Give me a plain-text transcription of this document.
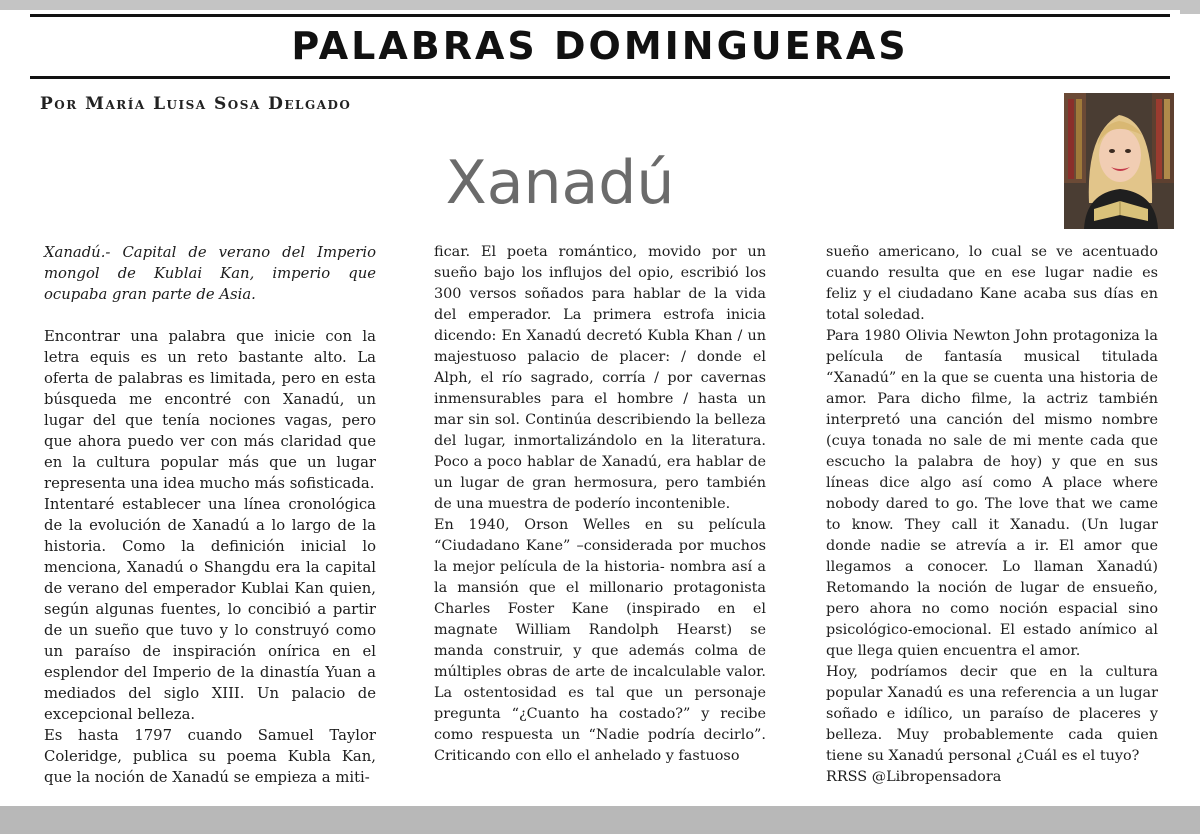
PALABRAS DOMINGUERAS
Por María Luisa Sosa Delgado
Xanadú

Xanadú.- Capital de verano del Imperio mongol de Kublai Kan, imperio que ocupaba gran parte de Asia.

Encontrar una palabra que inicie con la letra equis es un reto bastante alto. La oferta de palabras es limitada, pero en esta búsqueda me encontré con Xanadú, un lugar del que tenía nociones vagas, pero que ahora puedo ver con más claridad que en la cultura popular más que un lugar representa una idea mucho más sofisticada.

Intentaré establecer una línea cronológica de la evolución de Xanadú a lo largo de la historia. Como la definición inicial lo menciona, Xanadú o Shangdu era la capital de verano del emperador Kublai Kan quien, según algunas fuentes, lo concibió a partir de un sueño que tuvo y lo construyó como un paraíso de inspiración onírica en el esplendor del Imperio de la dinastía Yuan a mediados del siglo XIII. Un palacio de excepcional belleza.

Es hasta 1797 cuando Samuel Taylor Coleridge, publica su poema Kubla Kan, que la noción de Xanadú se empieza a miti-

ficar. El poeta romántico, movido por un sueño bajo los influjos del opio, escribió los 300 versos soñados para hablar de la vida del emperador. La primera estrofa inicia dicendo: En Xanadú decretó Kubla Khan / un majestuoso palacio de placer: / donde el Alph, el río sagrado, corría / por cavernas inmensurables para el hombre / hasta un mar sin sol. Continúa describiendo la belleza del lugar, inmortalizándolo en la literatura. Poco a poco hablar de Xanadú, era hablar de un lugar de gran hermosura, pero también de una muestra de poderío incontenible.

En 1940, Orson Welles en su película “Ciudadano Kane” –considerada por muchos la mejor película de la historia- nombra así a la mansión que el millonario protagonista Charles Foster Kane (inspirado en el magnate William Randolph Hearst) se manda construir, y que además colma de múltiples obras de arte de incalculable valor. La ostentosidad es tal que un personaje pregunta “¿Cuanto ha costado?” y recibe como respuesta un “Nadie podría decirlo”. Criticando con ello el anhelado y fastuoso

sueño americano, lo cual se ve acentuado cuando resulta que en ese lugar nadie es feliz y el ciudadano Kane acaba sus días en total soledad.

Para 1980 Olivia Newton John protagoniza la película de fantasía musical titulada “Xanadú” en la que se cuenta una historia de amor. Para dicho filme, la actriz también interpretó una canción del mismo nombre (cuya tonada no sale de mi mente cada que escucho la palabra de hoy) y que en sus líneas dice algo así como A place where nobody dared to go. The love that we came to know. They call it Xanadu. (Un lugar donde nadie se atrevía a ir. El amor que llegamos a conocer. Lo llaman Xanadú) Retomando la noción de lugar de ensueño, pero ahora no como noción espacial sino psicológico-emocional. El estado anímico al que llega quien encuentra el amor.

Hoy, podríamos decir que en la cultura popular Xanadú es una referencia a un lugar soñado e idílico, un paraíso de placeres y belleza. Muy probablemente cada quien tiene su Xanadú personal ¿Cuál es el tuyo?

RRSS @Libropensadora
